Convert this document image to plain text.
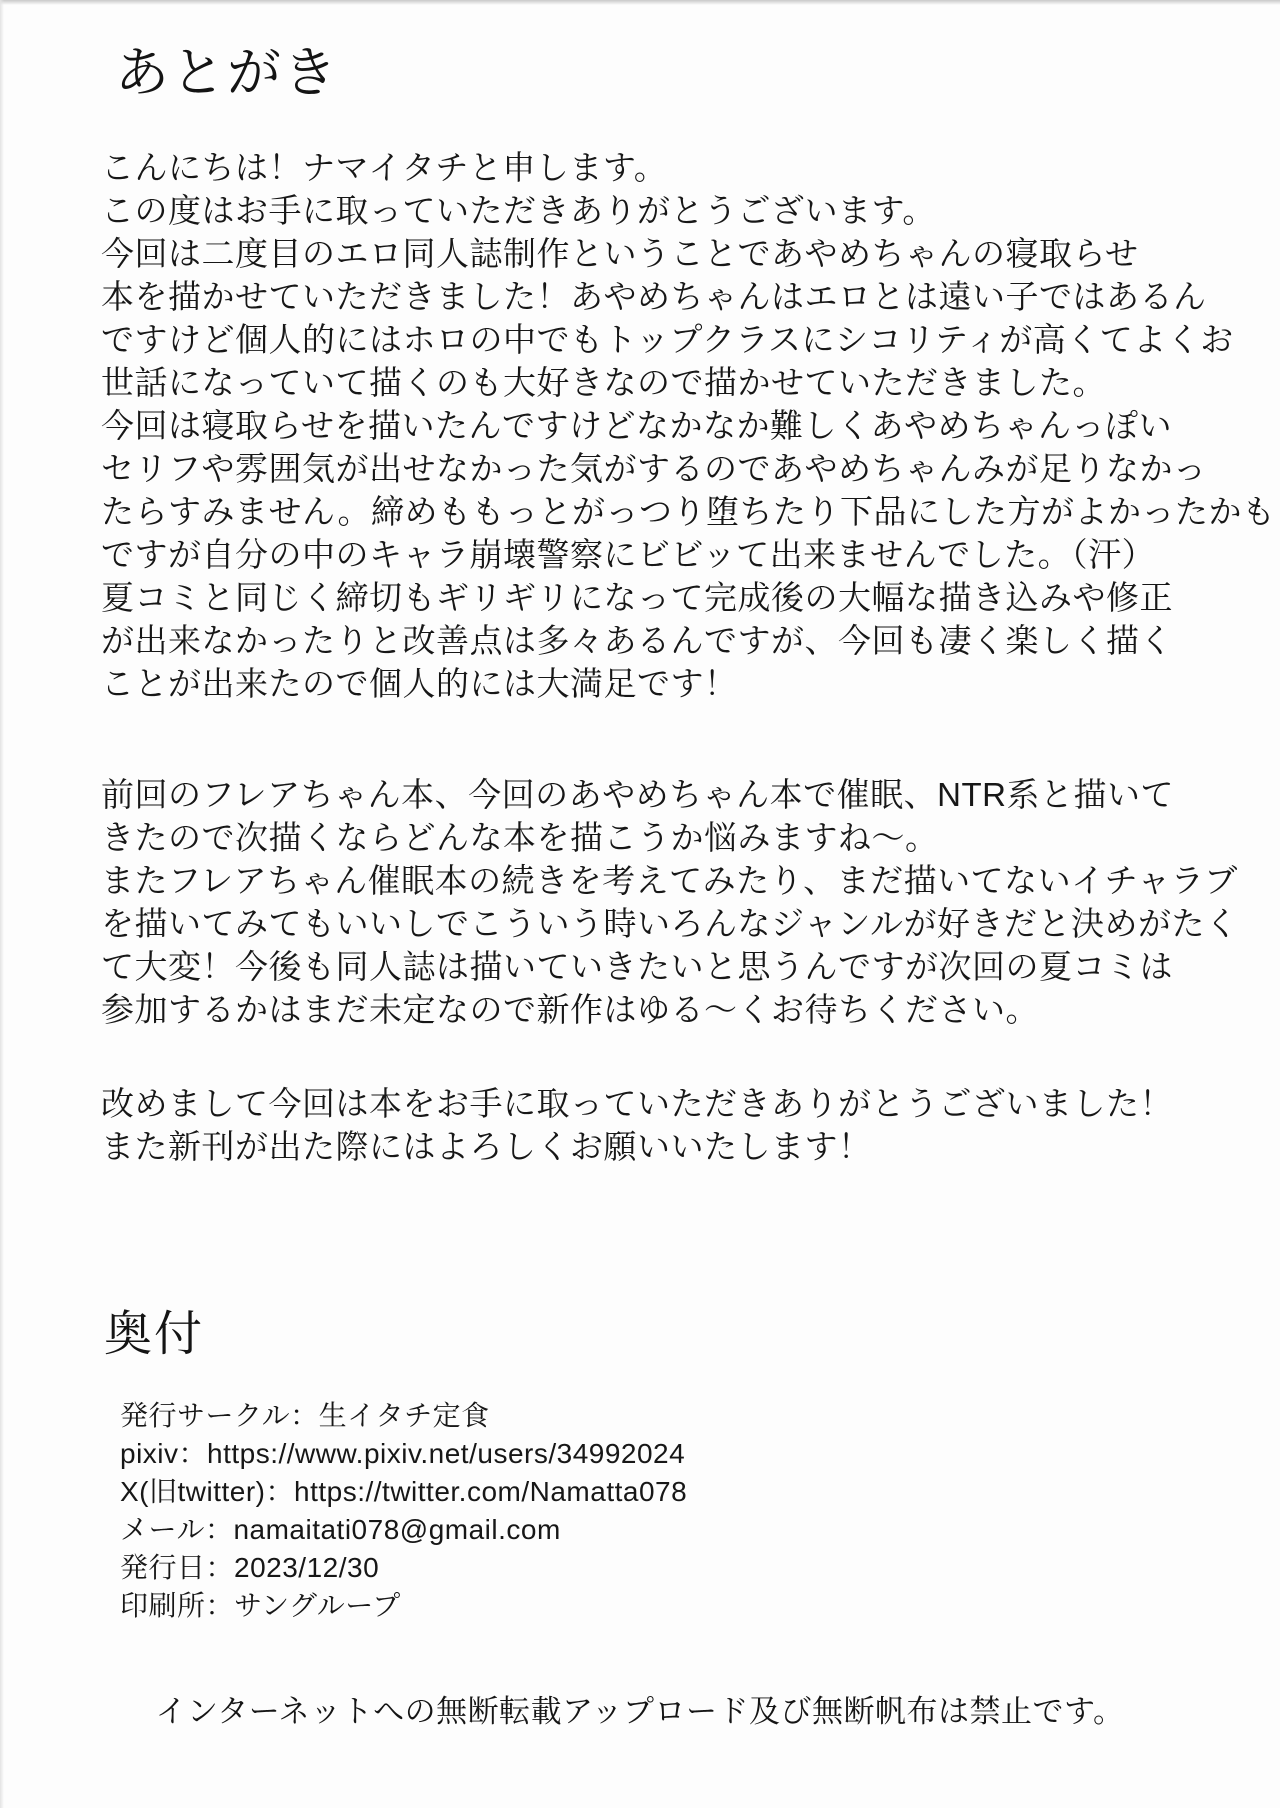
あとがき
こんにちは！ナマイタチと申します。
この度はお手に取っていただきありがとうございます。
今回は二度目のエロ同人誌制作ということであやめちゃんの寝取らせ
本を描かせていただきました！あやめちゃんはエロとは遠い子ではあるん
ですけど個人的にはホロの中でもトップクラスにシコリティが高くてよくお
世話になっていて描くのも大好きなので描かせていただきました。
今回は寝取らせを描いたんですけどなかなか難しくあやめちゃんっぽい
セリフや雰囲気が出せなかった気がするのであやめちゃんみが足りなかっ
たらすみません。締めももっとがっつり堕ちたり下品にした方がよかったかも
ですが自分の中のキャラ崩壊警察にビビッて出来ませんでした。（汗）
夏コミと同じく締切もギリギリになって完成後の大幅な描き込みや修正
が出来なかったりと改善点は多々あるんですが、今回も凄く楽しく描く
ことが出来たので個人的には大満足です！
前回のフレアちゃん本、今回のあやめちゃん本で催眠、NTR系と描いて
きたので次描くならどんな本を描こうか悩みますね～。
またフレアちゃん催眠本の続きを考えてみたり、まだ描いてないイチャラブ
を描いてみてもいいしでこういう時いろんなジャンルが好きだと決めがたく
て大変！今後も同人誌は描いていきたいと思うんですが次回の夏コミは
参加するかはまだ未定なので新作はゆる～くお待ちください。
改めまして今回は本をお手に取っていただきありがとうございました！
また新刊が出た際にはよろしくお願いいたします！
奥付
発行サークル：生イタチ定食
pixiv：https://www.pixiv.net/users/34992024
X(旧twitter)：https://twitter.com/Namatta078
メール：namaitati078@gmail.com
発行日：2023/12/30
印刷所：サングループ
インターネットへの無断転載アップロード及び無断帆布は禁止です。
